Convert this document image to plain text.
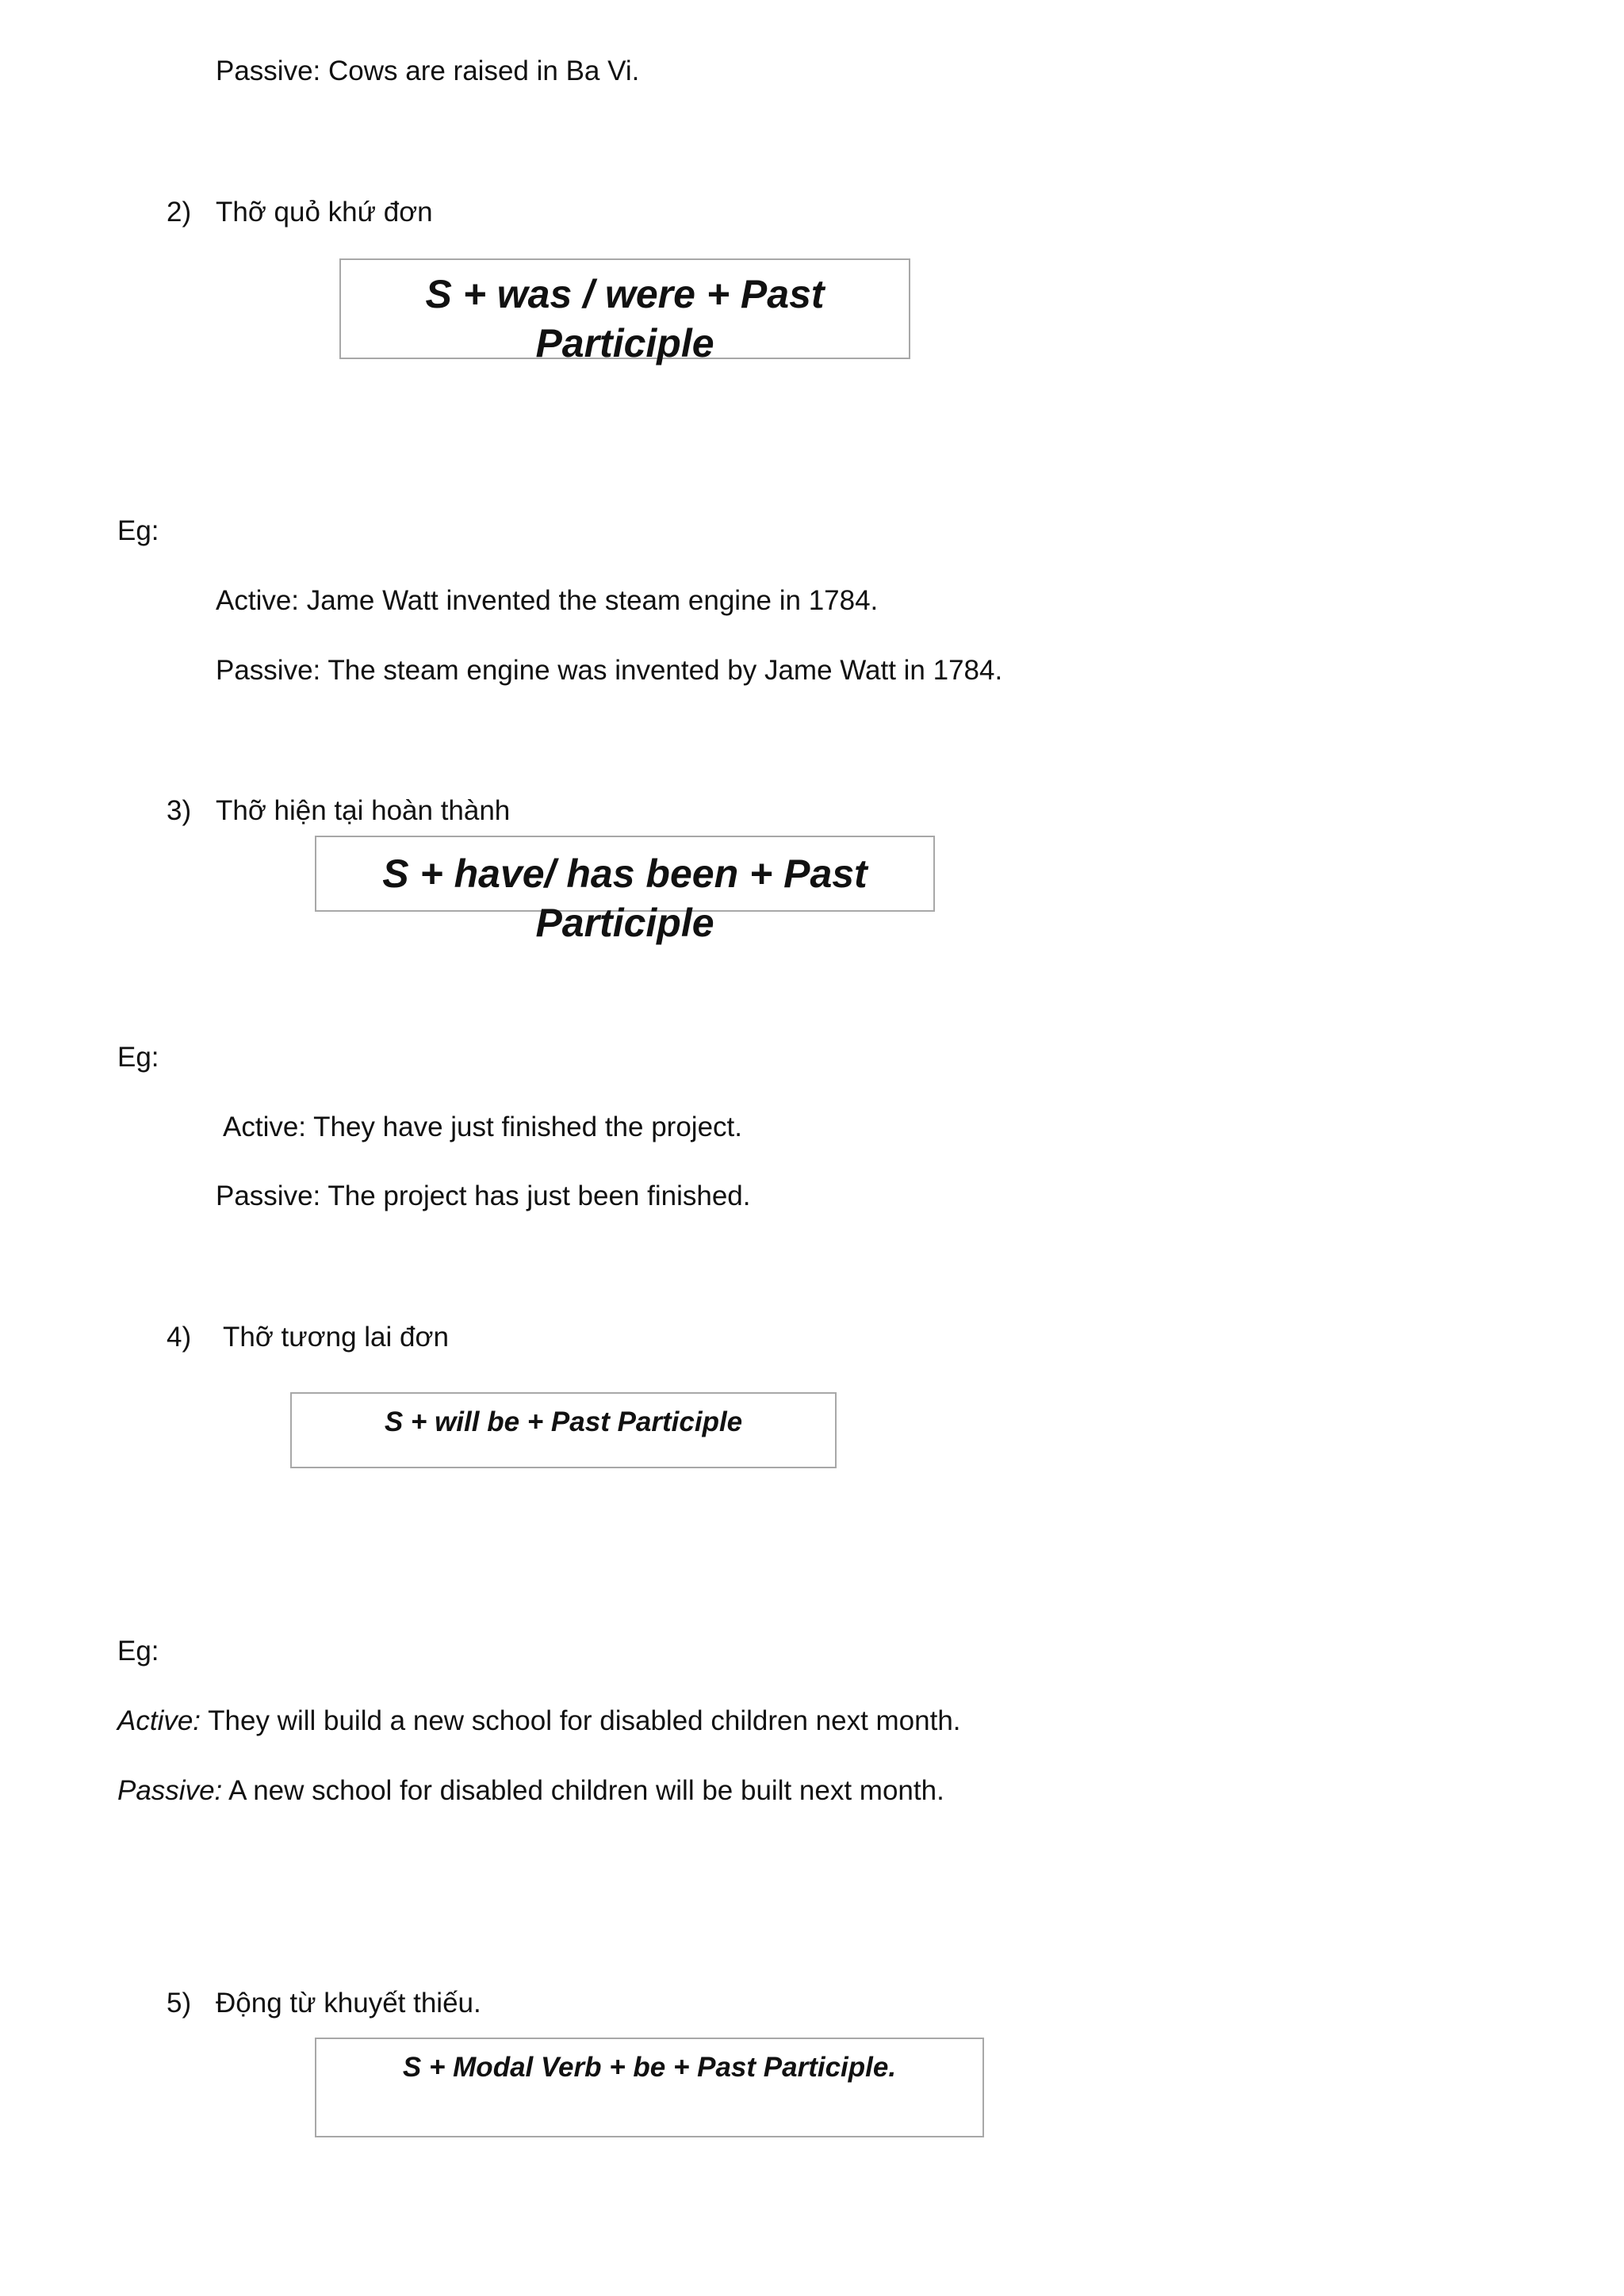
Passive: Cows are raised in Ba Vi.
2) Thỡ quỏ khứ đơn
S + was / were + Past Participle
Eg:
Active: Jame Watt invented the steam engine in 1784.
Passive: The steam engine was invented by Jame Watt in 1784.
3) Thỡ hiện tại hoàn thành
S + have/ has been + Past Participle
Eg:
Active: They have just finished the project.
Passive: The project has just been finished.
4) Thỡ tương lai đơn
S + will be + Past Participle
Eg:
Active: They will build a new school for disabled children next month.
Passive: A new school for disabled children will be built next month.
5) Động từ khuyết thiếu.
S + Modal Verb + be + Past Participle.
